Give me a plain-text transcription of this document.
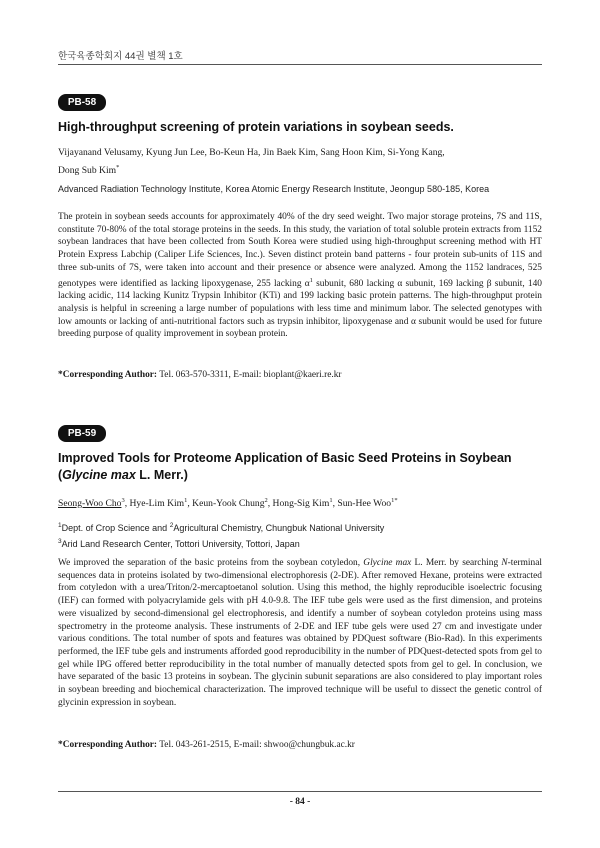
한국육종학회지 44권 별책 1호
PB-58
High-throughput screening of protein variations in soybean seeds.
Vijayanand Velusamy, Kyung Jun Lee, Bo-Keun Ha, Jin Baek Kim, Sang Hoon Kim, Si-Yong Kang,
Dong Sub Kim*
Advanced Radiation Technology Institute, Korea Atomic Energy Research Institute, Jeongup 580-185, Korea

The protein in soybean seeds accounts for approximately 40% of the dry seed weight. Two major storage proteins, 7S and 11S, constitute 70-80% of the total storage proteins in the seeds. In this study, the variation of total soluble protein extracts from 1152 soybean landraces that have been collected from South Korea were studied using high-throughput screening method with HT Protein Express Labchip (Caliper Life Sciences, Inc.). Seven distinct protein band patterns - four protein sub-units of 11S and three sub-units of 7S, were taken into account and their presence or absence were analyzed. Among the 1152 landraces, 525 genotypes were identified as lacking lipoxygenase, 255 lacking $\alpha^1$ subunit, 680 lacking α subunit, 169 lacking β subunit, 140 lacking acidic, 114 lacking Kunitz Trypsin Inhibitor (KTi) and 199 lacking basic protein patterns. The high-throughput protein analysis is helpful in screening a large number of populations with less time and minimum labor. The selected genotypes with low amounts or lacking of anti-nutritional factors such as trypsin inhibitor, lipoxygenase and α subunit would be used for future breeding purpose of quality improvement in soybean protein.

*Corresponding Author: Tel. 063-570-3311, E-mail: bioplant@kaeri.re.kr
PB-59
Improved Tools for Proteome Application of Basic Seed Proteins in Soybean
(Glycine max L. Merr.)
Seong-Woo Cho$^3$, Hye-Lim Kim$^1$, Keun-Yook Chung$^2$, Hong-Sig Kim$^1$, Sun-Hee Woo$^{1*}$
$^1$Dept. of Crop Science and $^2$Agricultural Chemistry, Chungbuk National University
$^3$Arid Land Research Center, Tottori University, Tottori, Japan

We improved the separation of the basic proteins from the soybean cotyledon, Glycine max L. Merr. by searching N-terminal sequences data in proteins isolated by two-dimensional electrophoresis (2-DE). After removed Hexane, proteins were extracted from cotyledon with a urea/Triton/2-mercaptoetanol solution. Using this method, the highly reproducible isoelectric focusing (IEF) can formed with polyacrylamide gels with pH 4.0-9.8. The IEF tube gels were used as the first dimension, and proteins were visualized by second-dimensional gel electrophoresis, and identify a number of soybean cotyledon proteins using mass spectrometry in the proteome analysis. These instruments of 2-DE and IEF tube gels were used 27 cm and investigate under various conditions. The total number of spots and features was obtained by PDQuest software (Bio-Rad). In this experiments performed, the IEF tube gels and instruments afforded good reproducibility in the number of PDQuest-detected spots from gel to gel while IPG offered better reproducibility in the total number of manually detected spots from gel to gel. In conclusion, we have separated of the basic 13 proteins in soybean. The glycinin subunit separations are also considered to play important roles in soybean breeding and biochemical characterization. The improved technique will be useful to dissect the genetic control of glycinin expression in soybean.

*Corresponding Author: Tel. 043-261-2515, E-mail: shwoo@chungbuk.ac.kr
- 84 -
